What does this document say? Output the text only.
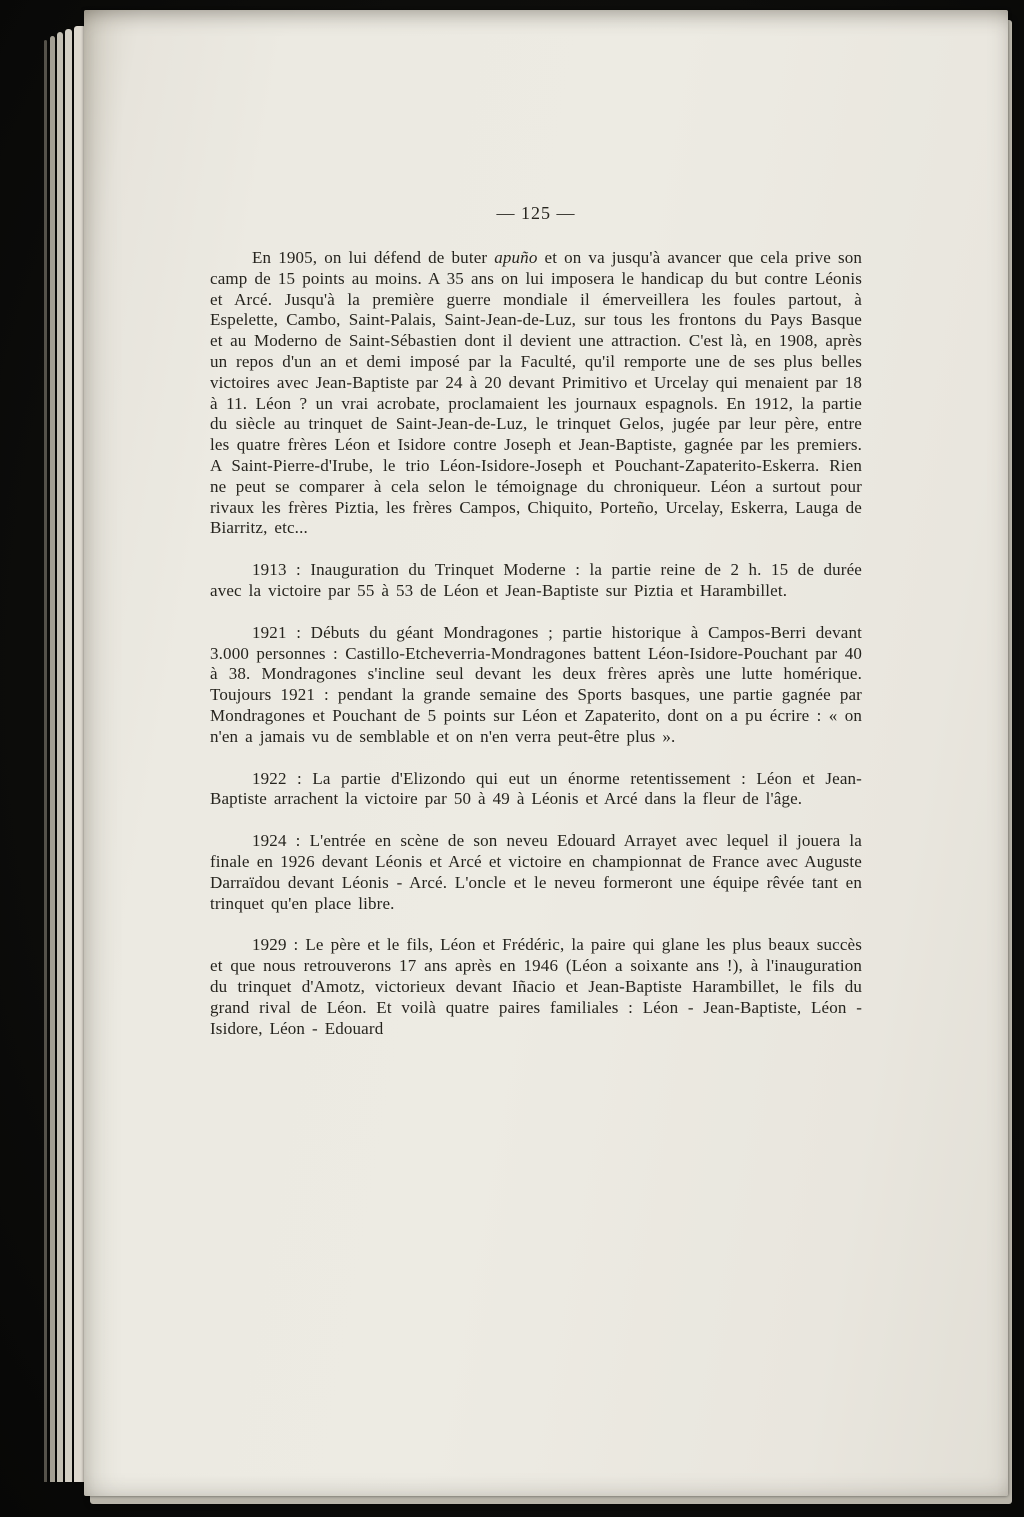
— 125 —

En 1905, on lui défend de buter apuño et on va jusqu'à avancer que cela prive son camp de 15 points au moins. A 35 ans on lui imposera le handicap du but contre Léonis et Arcé. Jusqu'à la première guerre mondiale il émerveillera les foules partout, à Espelette, Cambo, Saint-Palais, Saint-Jean-de-Luz, sur tous les frontons du Pays Basque et au Moderno de Saint-Sébastien dont il devient une attraction. C'est là, en 1908, après un repos d'un an et demi imposé par la Faculté, qu'il remporte une de ses plus belles victoires avec Jean-Baptiste par 24 à 20 devant Primitivo et Urcelay qui menaient par 18 à 11. Léon ? un vrai acrobate, proclamaient les journaux espagnols. En 1912, la partie du siècle au trinquet de Saint-Jean-de-Luz, le trinquet Gelos, jugée par leur père, entre les quatre frères Léon et Isidore contre Joseph et Jean-Baptiste, gagnée par les premiers. A Saint-Pierre-d'Irube, le trio Léon-Isidore-Joseph et Pouchant-Zapaterito-Eskerra. Rien ne peut se comparer à cela selon le témoignage du chroniqueur. Léon a surtout pour rivaux les frères Piztia, les frères Campos, Chiquito, Porteño, Urcelay, Eskerra, Lauga de Biarritz, etc...

1913 : Inauguration du Trinquet Moderne : la partie reine de 2 h. 15 de durée avec la victoire par 55 à 53 de Léon et Jean-Baptiste sur Piztia et Harambillet.

1921 : Débuts du géant Mondragones ; partie historique à Campos-Berri devant 3.000 personnes : Castillo-Etcheverria-Mondragones battent Léon-Isidore-Pouchant par 40 à 38. Mondragones s'incline seul devant les deux frères après une lutte homérique. Toujours 1921 : pendant la grande semaine des Sports basques, une partie gagnée par Mondragones et Pouchant de 5 points sur Léon et Zapaterito, dont on a pu écrire : « on n'en a jamais vu de semblable et on n'en verra peut-être plus ».

1922 : La partie d'Elizondo qui eut un énorme retentissement : Léon et Jean-Baptiste arrachent la victoire par 50 à 49 à Léonis et Arcé dans la fleur de l'âge.

1924 : L'entrée en scène de son neveu Edouard Arrayet avec lequel il jouera la finale en 1926 devant Léonis et Arcé et victoire en championnat de France avec Auguste Darraïdou devant Léonis - Arcé. L'oncle et le neveu formeront une équipe rêvée tant en trinquet qu'en place libre.

1929 : Le père et le fils, Léon et Frédéric, la paire qui glane les plus beaux succès et que nous retrouverons 17 ans après en 1946 (Léon a soixante ans !), à l'inauguration du trinquet d'Amotz, victorieux devant Iñacio et Jean-Baptiste Harambillet, le fils du grand rival de Léon. Et voilà quatre paires familiales : Léon - Jean-Baptiste, Léon - Isidore, Léon - Edouard
